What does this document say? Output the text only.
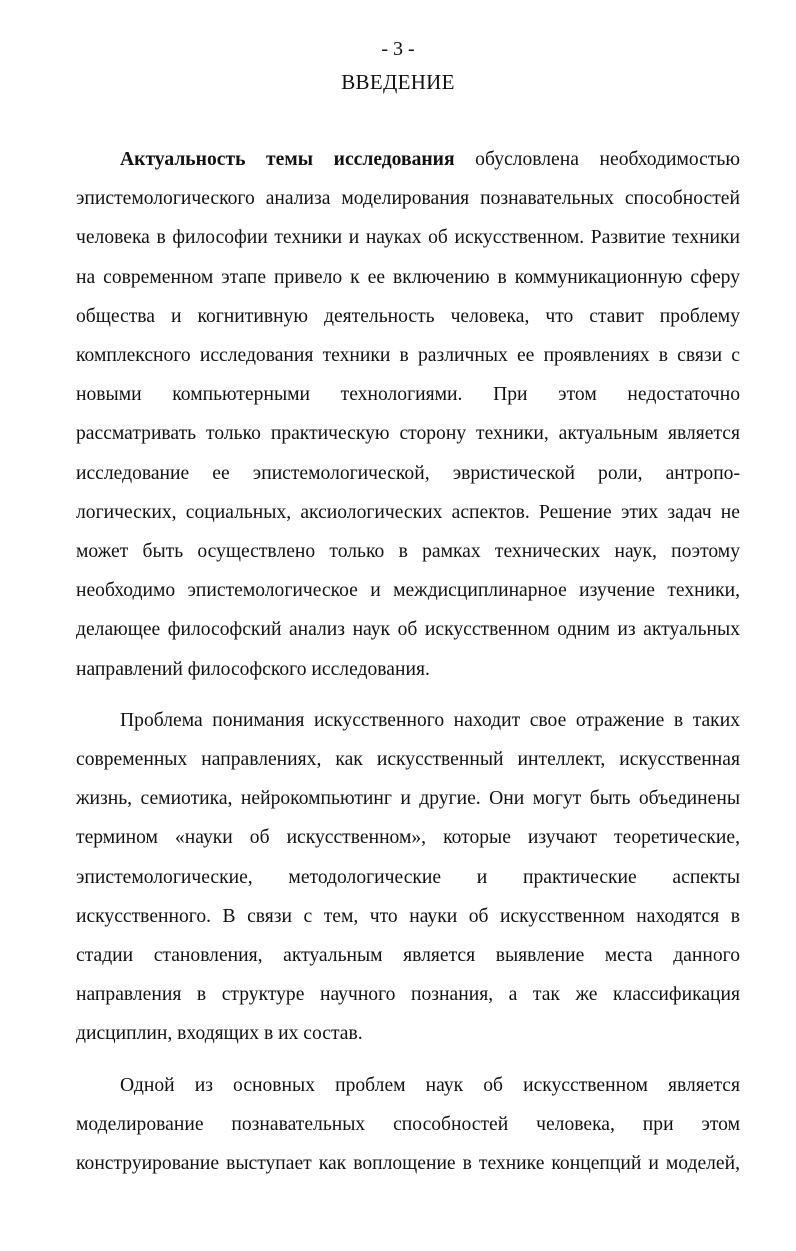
- 3 -
ВВЕДЕНИЕ

Актуальность темы исследования обусловлена необходимостью
эпистемологического анализа моделирования познавательных способностей
человека в философии техники и науках об искусственном. Развитие техники
на современном этапе привело к ее включению в коммуникационную сферу
общества и когнитивную деятельность человека, что ставит проблему
комплексного исследования техники в различных ее проявлениях в связи с
новыми компьютерными технологиями. При этом недостаточно
рассматривать только практическую сторону техники, актуальным является
исследование ее эпистемологической, эвристической роли, антропо-
логических, социальных, аксиологических аспектов. Решение этих задач не
может быть осуществлено только в рамках технических наук, поэтому
необходимо эпистемологическое и междисциплинарное изучение техники,
делающее философский анализ наук об искусственном одним из актуальных
направлений философского исследования.

Проблема понимания искусственного находит свое отражение в таких
современных направлениях, как искусственный интеллект, искусственная
жизнь, семиотика, нейрокомпьютинг и другие. Они могут быть объединены
термином «науки об искусственном», которые изучают теоретические,
эпистемологические, методологические и практические аспекты
искусственного. В связи с тем, что науки об искусственном находятся в
стадии становления, актуальным является выявление места данного
направления в структуре научного познания, а так же классификация
дисциплин, входящих в их состав.

Одной из основных проблем наук об искусственном является
моделирование познавательных способностей человека, при этом
конструирование выступает как воплощение в технике концепций и моделей,
